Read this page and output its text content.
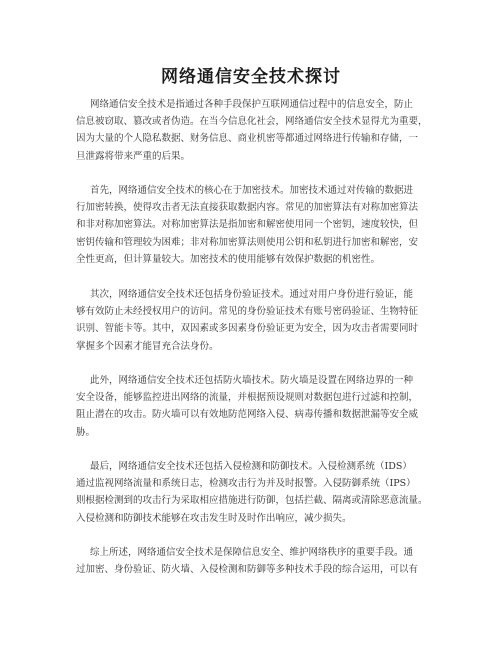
网络通信安全技术探讨
网络通信安全技术是指通过各种手段保护互联网通信过程中的信息安全，防止
信息被窃取、篡改或者伪造。在当今信息化社会，网络通信安全技术显得尤为重要，
因为大量的个人隐私数据、财务信息、商业机密等都通过网络进行传输和存储，一
旦泄露将带来严重的后果。
首先，网络通信安全技术的核心在于加密技术。加密技术通过对传输的数据进
行加密转换，使得攻击者无法直接获取数据内容。常见的加密算法有对称加密算法
和非对称加密算法。对称加密算法是指加密和解密使用同一个密钥，速度较快，但
密钥传输和管理较为困难；非对称加密算法则使用公钥和私钥进行加密和解密，安
全性更高，但计算量较大。加密技术的使用能够有效保护数据的机密性。
其次，网络通信安全技术还包括身份验证技术。通过对用户身份进行验证，能
够有效防止未经授权用户的访问。常见的身份验证技术有账号密码验证、生物特征
识别、智能卡等。其中，双因素或多因素身份验证更为安全，因为攻击者需要同时
掌握多个因素才能冒充合法身份。
此外，网络通信安全技术还包括防火墙技术。防火墙是设置在网络边界的一种
安全设备，能够监控进出网络的流量，并根据预设规则对数据包进行过滤和控制，
阻止潜在的攻击。防火墙可以有效地防范网络入侵、病毒传播和数据泄漏等安全威
胁。
最后，网络通信安全技术还包括入侵检测和防御技术。入侵检测系统（IDS）
通过监视网络流量和系统日志，检测攻击行为并及时报警。入侵防御系统（IPS）
则根据检测到的攻击行为采取相应措施进行防御，包括拦截、隔离或清除恶意流量。
入侵检测和防御技术能够在攻击发生时及时作出响应，减少损失。
综上所述，网络通信安全技术是保障信息安全、维护网络秩序的重要手段。通
过加密、身份验证、防火墙、入侵检测和防御等多种技术手段的综合运用，可以有
